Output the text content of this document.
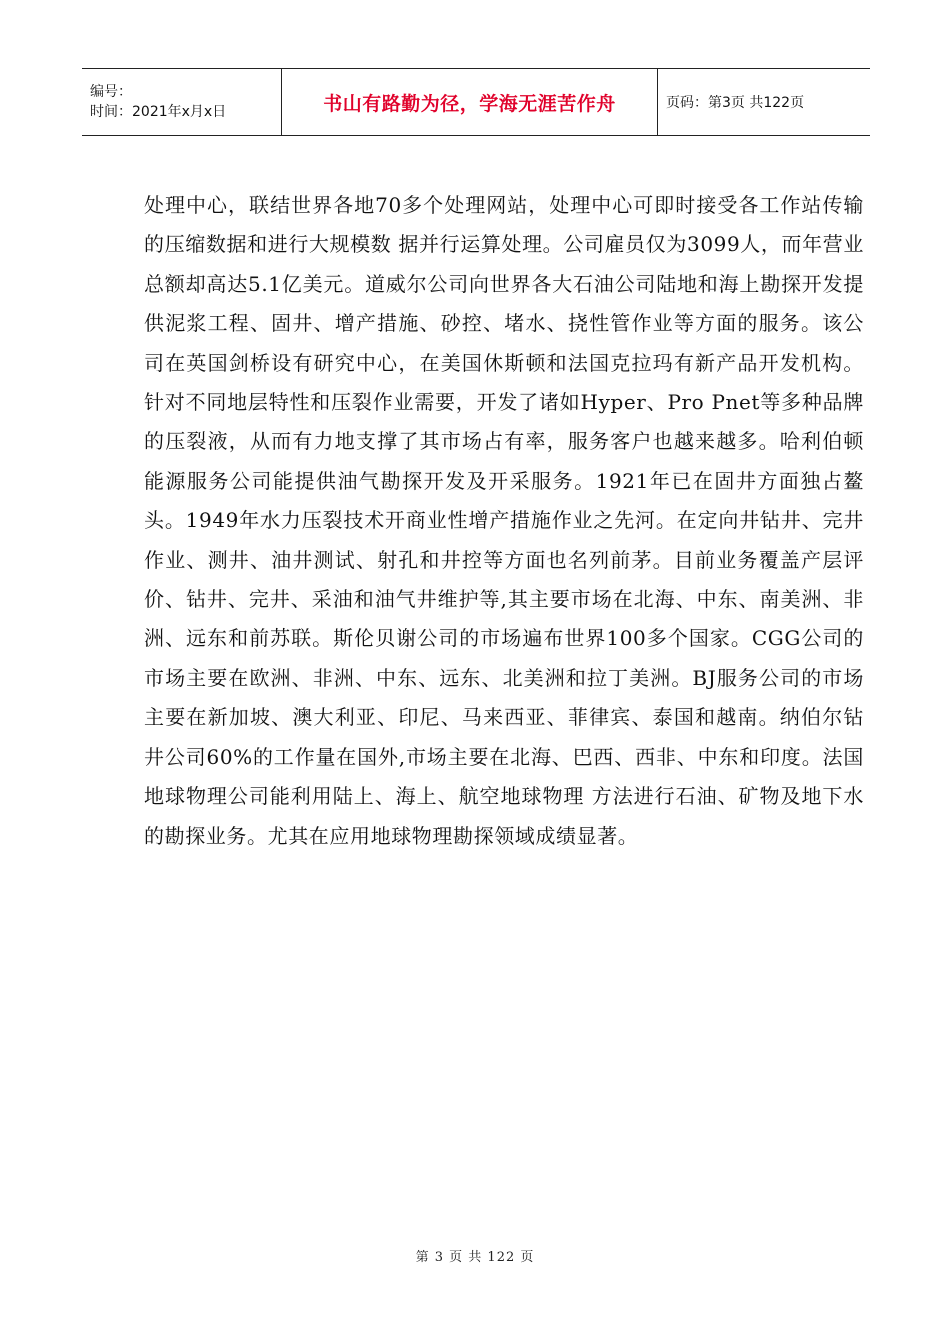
编号：
时间：2021年x月x日	书山有路勤为径，学海无涯苦作舟	页码：第3页 共122页

处理中心，联结世界各地70多个处理网站，处理中心可即时接受各工作站传输的压缩数据和进行大规模数 据并行运算处理。公司雇员仅为3099人，而年营业总额却高达5.1亿美元。道威尔公司向世界各大石油公司陆地和海上勘探开发提供泥浆工程、固井、增产措施、砂控、堵水、挠性管作业等方面的服务。该公司在英国剑桥设有研究中心，在美国休斯顿和法国克拉玛有新产品开发机构。针对不同地层特性和压裂作业需要，开发了诸如Hyper、Pro Pnet等多种品牌的压裂液，从而有力地支撑了其市场占有率，服务客户也越来越多。哈利伯顿能源服务公司能提供油气勘探开发及开采服务。1921年已在固井方面独占鳌头。1949年水力压裂技术开商业性增产措施作业之先河。在定向井钻井、完井作业、测井、油井测试、射孔和井控等方面也名列前茅。目前业务覆盖产层评价、钻井、完井、采油和油气井维护等,其主要市场在北海、中东、南美洲、非洲、远东和前苏联。斯伦贝谢公司的市场遍布世界100多个国家。CGG公司的市场主要在欧洲、非洲、中东、远东、北美洲和拉丁美洲。BJ服务公司的市场主要在新加坡、澳大利亚、印尼、马来西亚、菲律宾、泰国和越南。纳伯尔钻井公司60%的工作量在国外,市场主要在北海、巴西、西非、中东和印度。法国地球物理公司能利用陆上、海上、航空地球物理 方法进行石油、矿物及地下水的勘探业务。尤其在应用地球物理勘探领域成绩显著。

第 3 页 共 122 页
